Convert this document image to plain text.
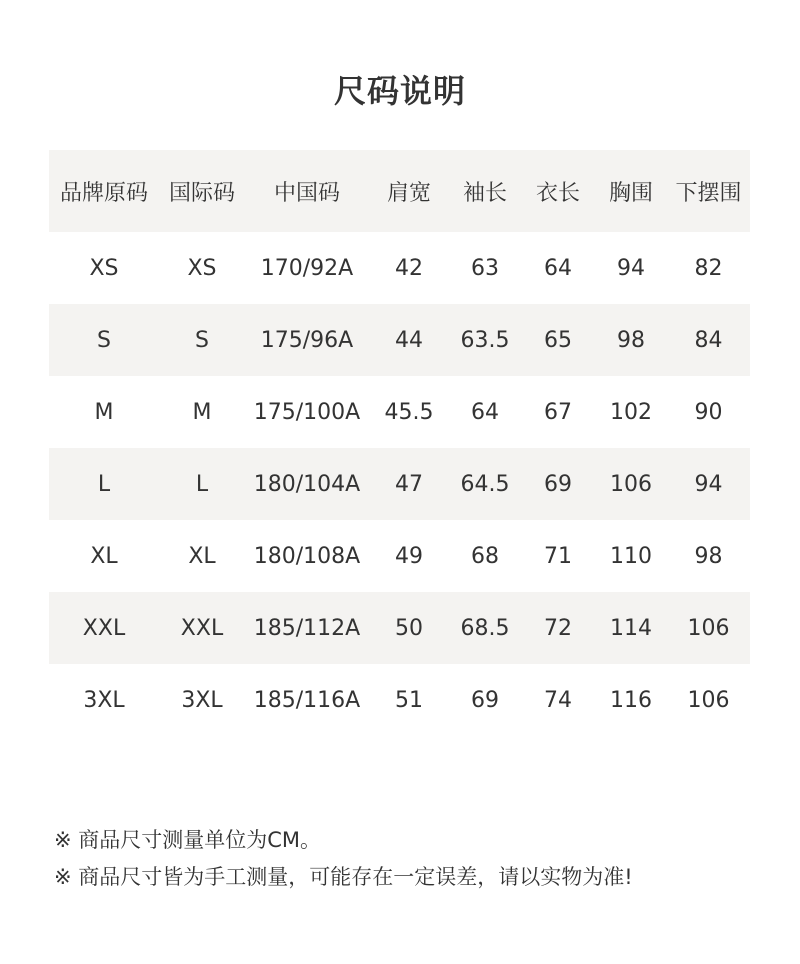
尺码说明
品牌原码	国际码	中国码	肩宽	袖长	衣长	胸围	下摆围
XS	XS	170/92A	42	63	64	94	82
S	S	175/96A	44	63.5	65	98	84
M	M	175/100A	45.5	64	67	102	90
L	L	180/104A	47	64.5	69	106	94
XL	XL	180/108A	49	68	71	110	98
XXL	XXL	185/112A	50	68.5	72	114	106
3XL	3XL	185/116A	51	69	74	116	106
※ 商品尺寸测量单位为CM。
※ 商品尺寸皆为手工测量，可能存在一定误差，请以实物为准!
